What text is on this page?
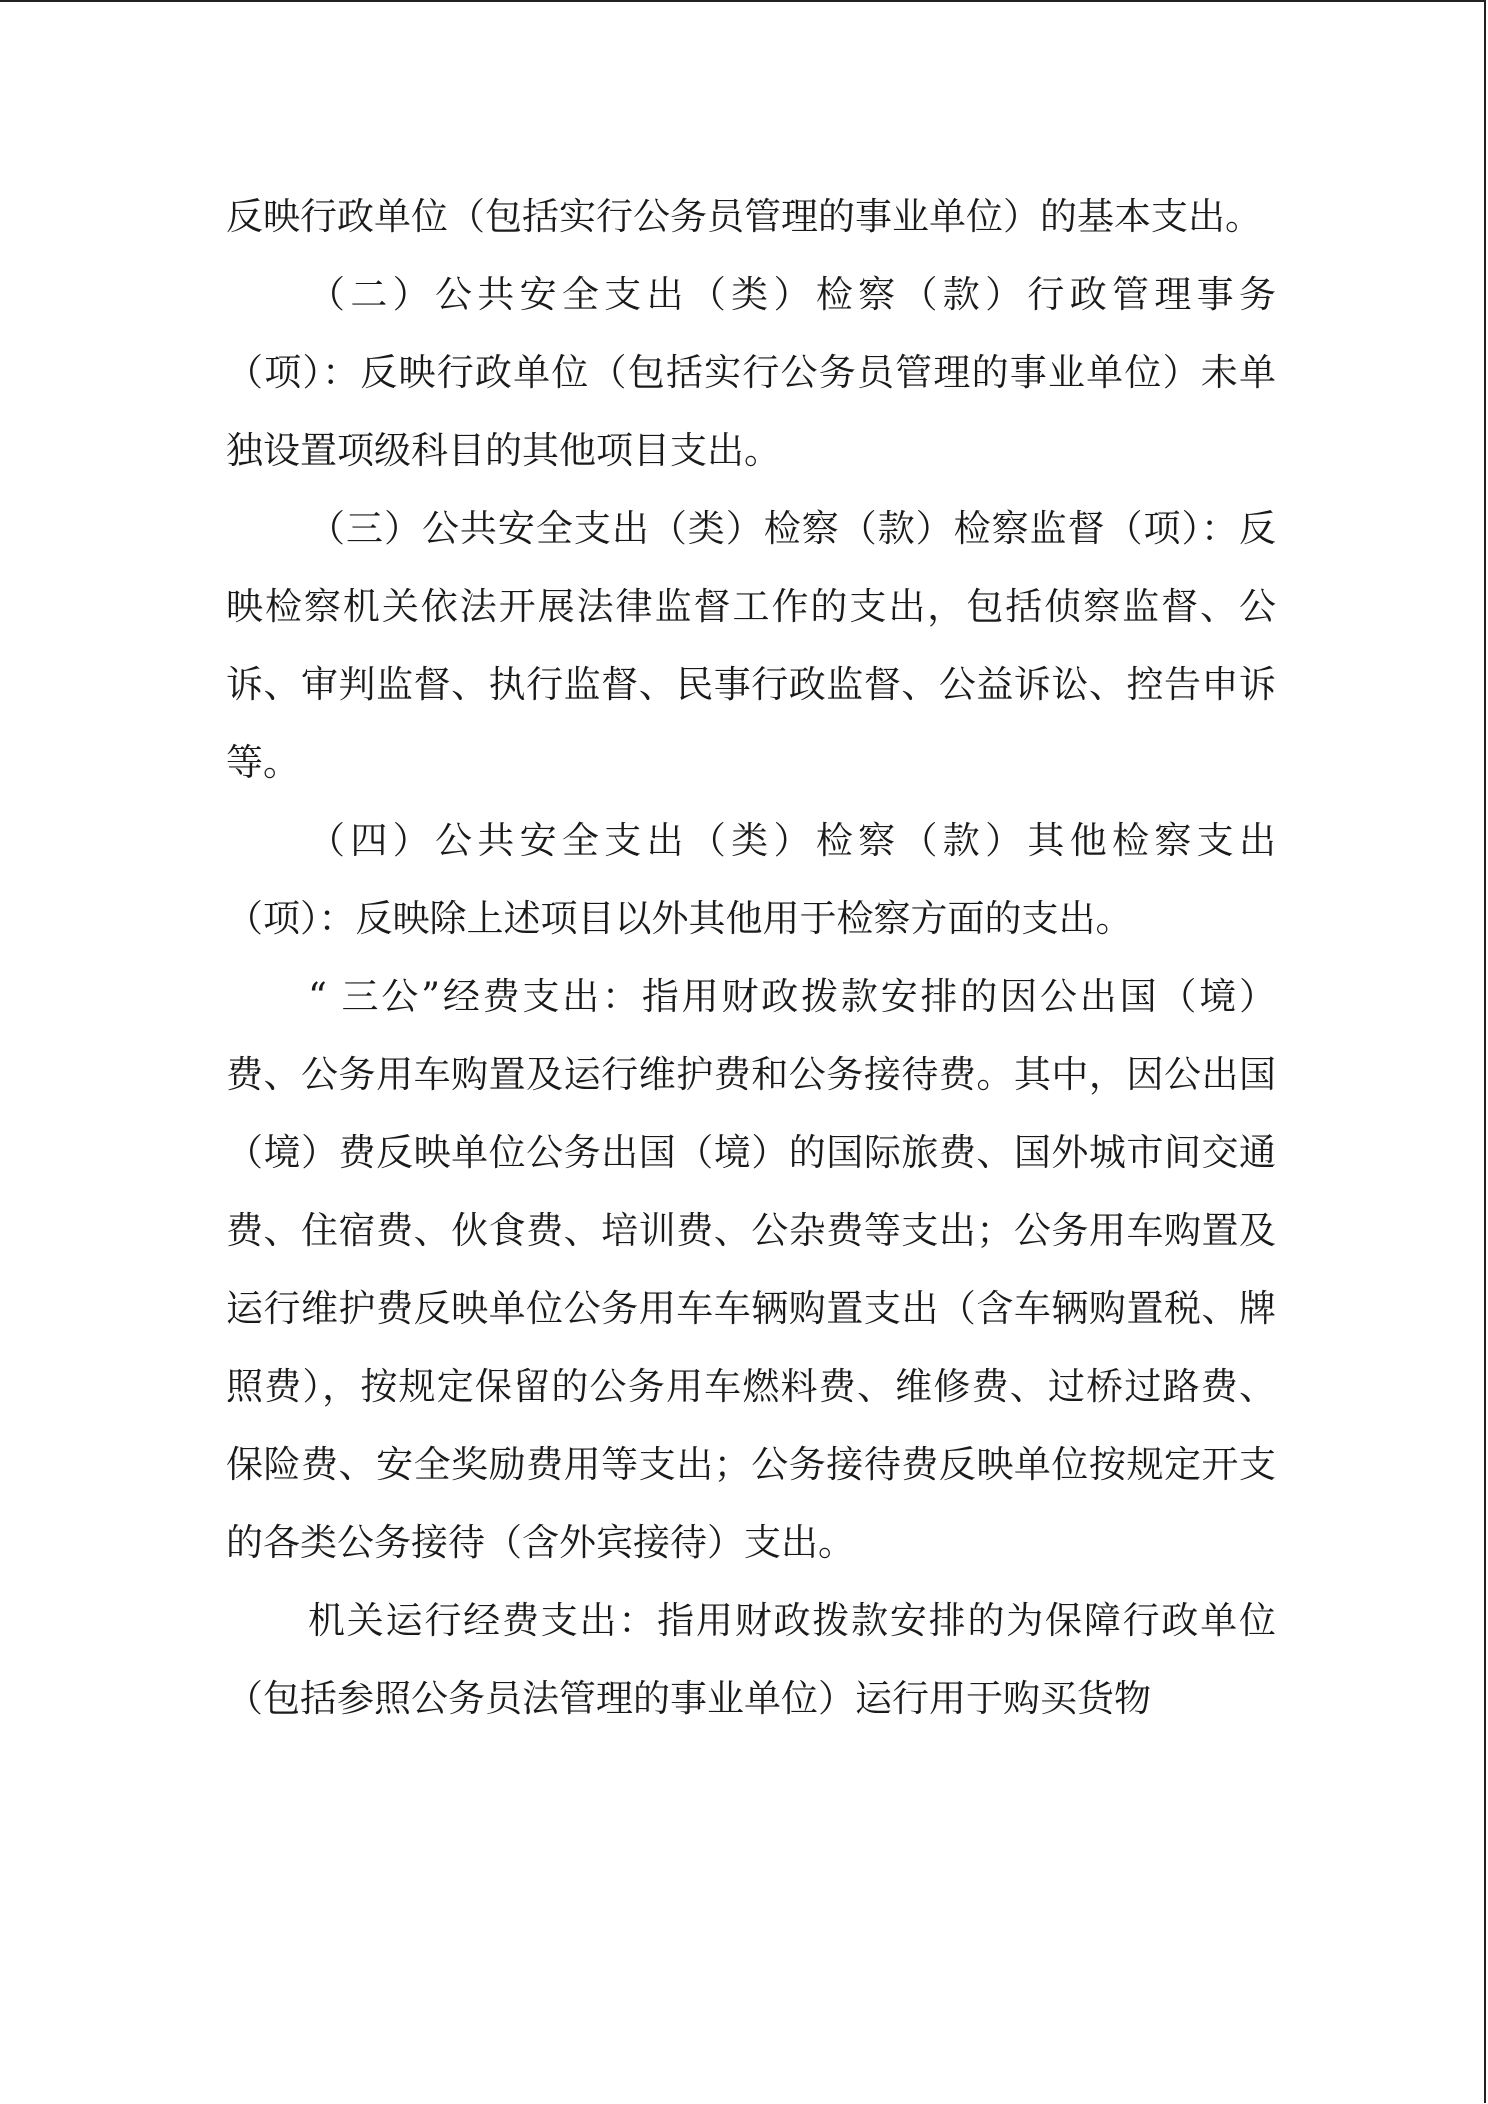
反映行政单位（包括实行公务员管理的事业单位）的基本支出。

（二）公共安全支出（类）检察（款）行政管理事务（项）：反映行政单位（包括实行公务员管理的事业单位）未单独设置项级科目的其他项目支出。

（三）公共安全支出（类）检察（款）检察监督（项）：反映检察机关依法开展法律监督工作的支出，包括侦察监督、公诉、审判监督、执行监督、民事行政监督、公益诉讼、控告申诉等。

（四）公共安全支出（类）检察（款）其他检察支出（项）：反映除上述项目以外其他用于检察方面的支出。

“ 三公”经费支出：指用财政拨款安排的因公出国（境）费、公务用车购置及运行维护费和公务接待费。其中，因公出国（境）费反映单位公务出国（境）的国际旅费、国外城市间交通费、住宿费、伙食费、培训费、公杂费等支出；公务用车购置及运行维护费反映单位公务用车车辆购置支出（含车辆购置税、牌照费），按规定保留的公务用车燃料费、维修费、过桥过路费、保险费、安全奖励费用等支出；公务接待费反映单位按规定开支的各类公务接待（含外宾接待）支出。

机关运行经费支出：指用财政拨款安排的为保障行政单位（包括参照公务员法管理的事业单位）运行用于购买货物
